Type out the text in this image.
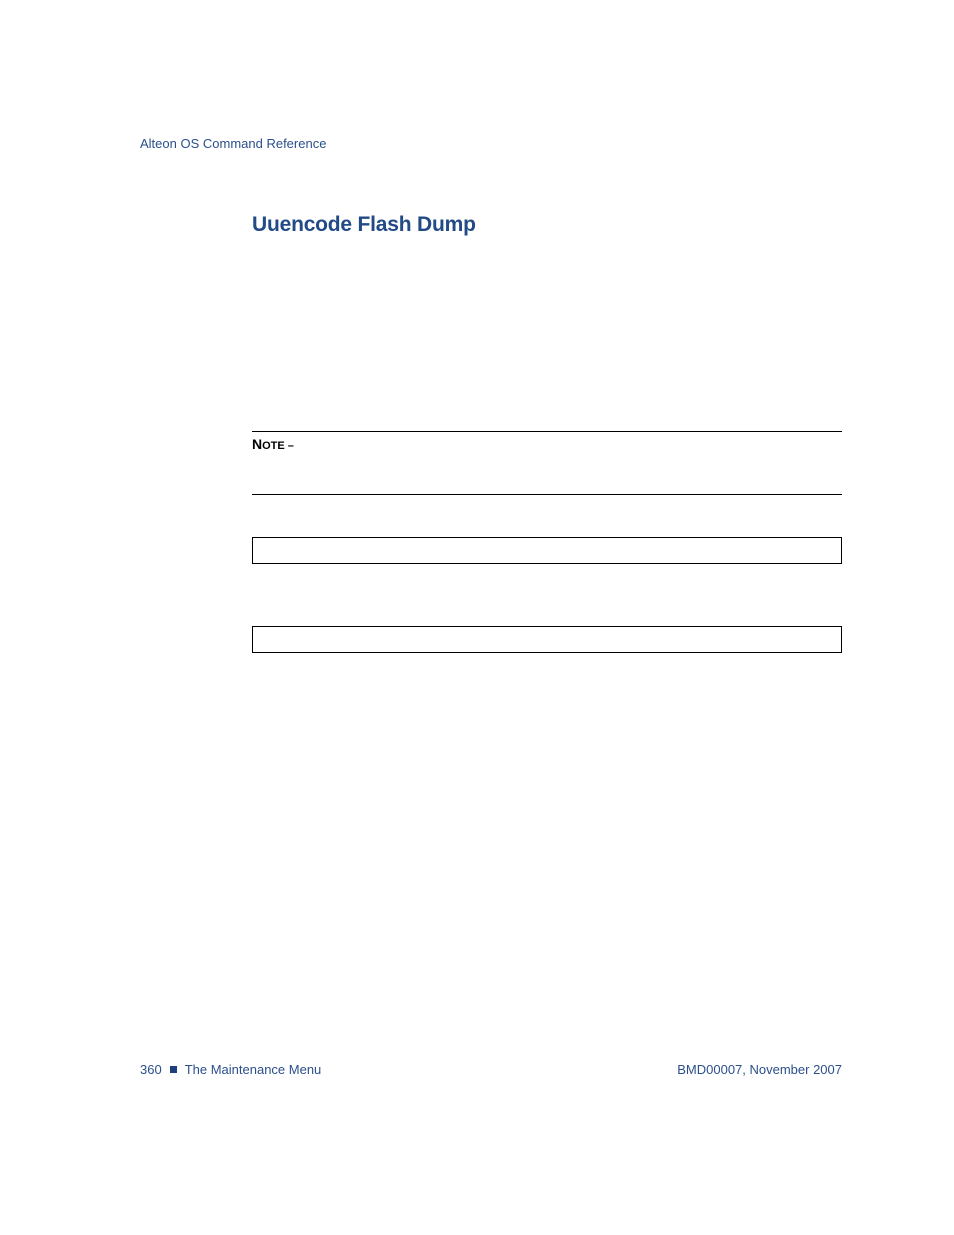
Alteon OS Command Reference
Uuencode Flash Dump
NOTE –
360 The Maintenance Menu	BMD00007, November 2007
